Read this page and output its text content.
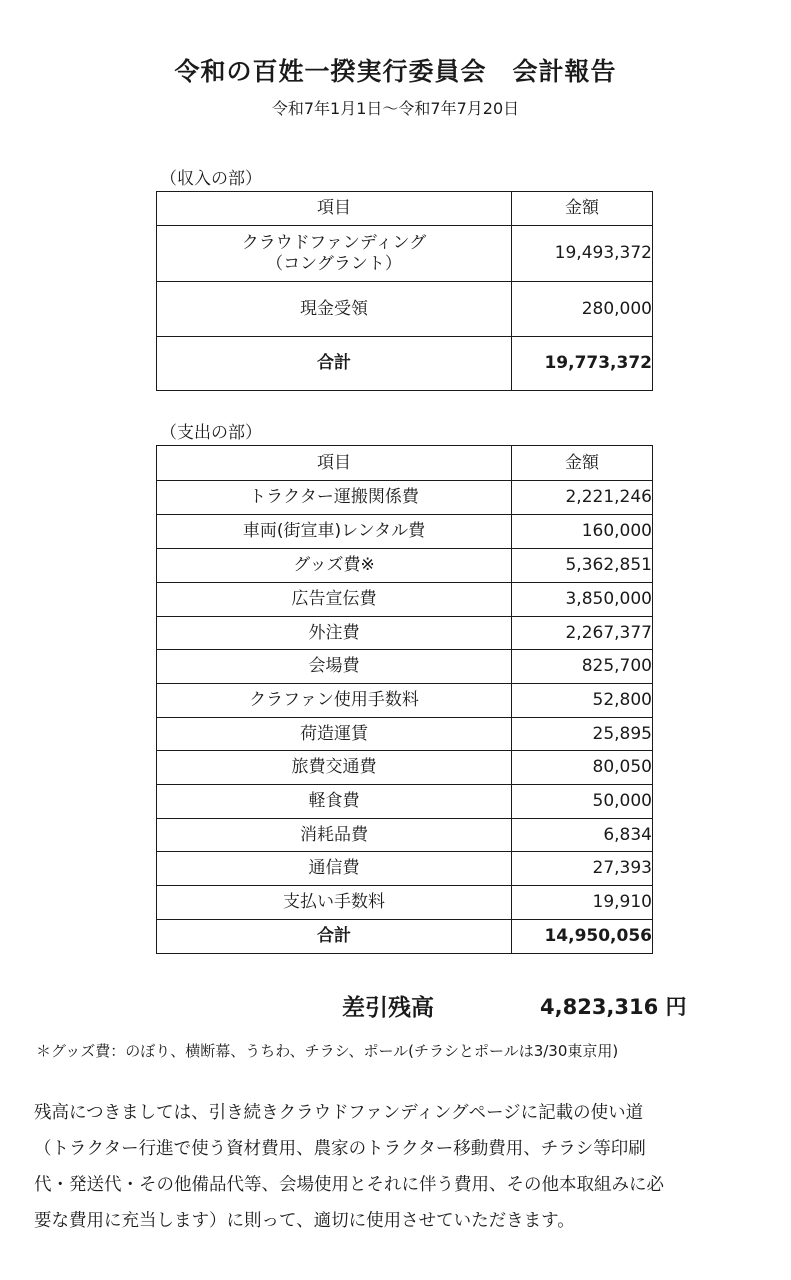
令和の百姓一揆実行委員会　会計報告
令和7年1月1日～令和7年7月20日
（収入の部）
項目	金額

クラウドファンディング
（コングラント）	19,493,372
現金受領	280,000
合計	19,773,372
（支出の部）
項目	金額
トラクター運搬関係費	2,221,246
車両(街宣車)レンタル費	160,000
グッズ費※	5,362,851
広告宣伝費	3,850,000
外注費	2,267,377
会場費	825,700
クラファン使用手数料	52,800
荷造運賃	25,895
旅費交通費	80,050
軽食費	50,000
消耗品費	6,834
通信費	27,393
支払い手数料	19,910
合計	14,950,056
差引残高	4,823,316 円
＊グッズ費：のぼり、横断幕、うちわ、チラシ、ポール(チラシとポールは3/30東京用)
残高につきましては、引き続きクラウドファンディングページに記載の使い道
（トラクター行進で使う資材費用、農家のトラクター移動費用、チラシ等印刷
代・発送代・その他備品代等、会場使用とそれに伴う費用、その他本取組みに必
要な費用に充当します）に則って、適切に使用させていただきます。
